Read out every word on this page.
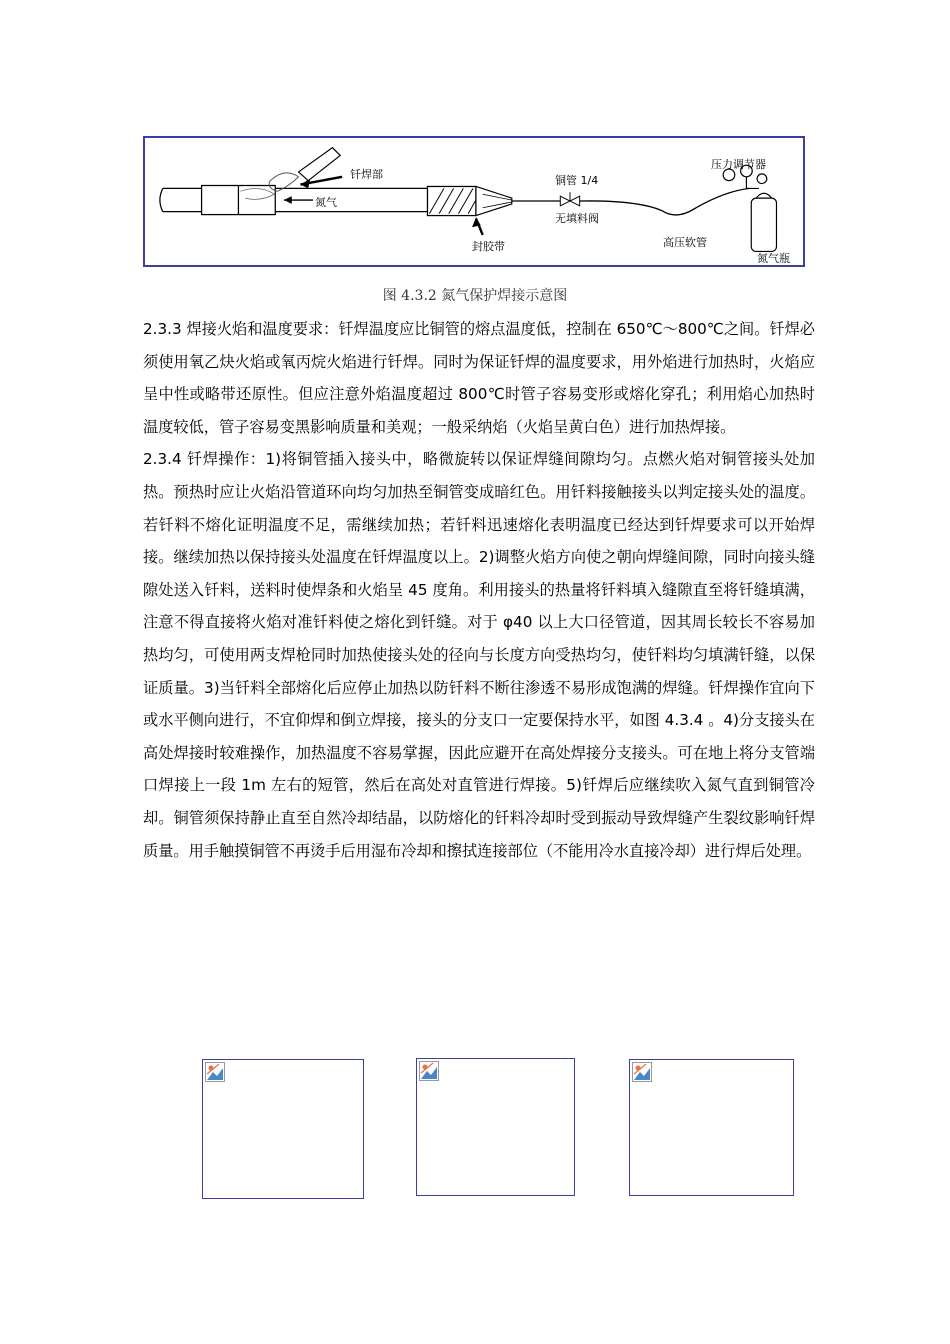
钎焊部
氮气
铜管 1/4
无填料阀
封胶带	高压软管
压力调节器
氮气瓶
图 4.3.2 氮气保护焊接示意图

2.3.3 焊接火焰和温度要求：钎焊温度应比铜管的熔点温度低，控制在 650℃～800℃之间。钎焊必须使用氧乙炔火焰或氧丙烷火焰进行钎焊。同时为保证钎焊的温度要求，用外焰进行加热时，火焰应呈中性或略带还原性。但应注意外焰温度超过 800℃时管子容易变形或熔化穿孔；利用焰心加热时温度较低，管子容易变黑影响质量和美观；一般采纳焰（火焰呈黄白色）进行加热焊接。

2.3.4 钎焊操作：1)将铜管插入接头中，略微旋转以保证焊缝间隙均匀。点燃火焰对铜管接头处加热。预热时应让火焰沿管道环向均匀加热至铜管变成暗红色。用钎料接触接头以判定接头处的温度。若钎料不熔化证明温度不足，需继续加热；若钎料迅速熔化表明温度已经达到钎焊要求可以开始焊接。继续加热以保持接头处温度在钎焊温度以上。2)调整火焰方向使之朝向焊缝间隙，同时向接头缝隙处送入钎料，送料时使焊条和火焰呈 45 度角。利用接头的热量将钎料填入缝隙直至将钎缝填满，注意不得直接将火焰对准钎料使之熔化到钎缝。对于 φ40 以上大口径管道，因其周长较长不容易加热均匀，可使用两支焊枪同时加热使接头处的径向与长度方向受热均匀，使钎料均匀填满钎缝，以保证质量。3)当钎料全部熔化后应停止加热以防钎料不断往渗透不易形成饱满的焊缝。钎焊操作宜向下或水平侧向进行，不宜仰焊和倒立焊接，接头的分支口一定要保持水平，如图 4.3.4 。4)分支接头在高处焊接时较难操作，加热温度不容易掌握，因此应避开在高处焊接分支接头。可在地上将分支管端口焊接上一段 1m 左右的短管，然后在高处对直管进行焊接。5)钎焊后应继续吹入氮气直到铜管冷却。铜管须保持静止直至自然冷却结晶，以防熔化的钎料冷却时受到振动导致焊缝产生裂纹影响钎焊质量。用手触摸铜管不再烫手后用湿布冷却和擦拭连接部位（不能用冷水直接冷却）进行焊后处理。
